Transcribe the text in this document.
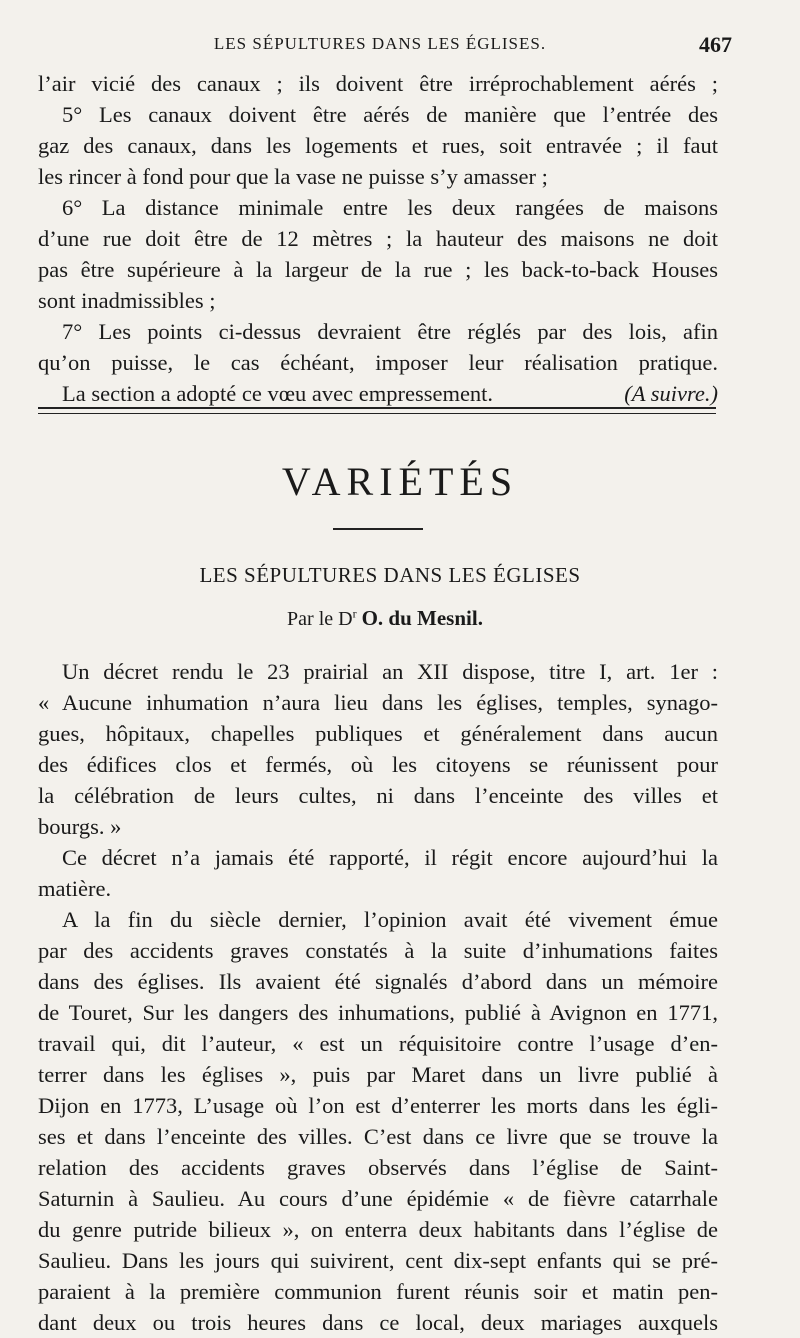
LES SÉPULTURES DANS LES ÉGLISES.	467
l’air vicié des canaux ; ils doivent être irréprochablement aérés ;
5° Les canaux doivent être aérés de manière que l’entrée des
gaz des canaux, dans les logements et rues, soit entravée ; il faut
les rincer à fond pour que la vase ne puisse s’y amasser ;
6° La distance minimale entre les deux rangées de maisons
d’une rue doit être de 12 mètres ; la hauteur des maisons ne doit
pas être supérieure à la largeur de la rue ; les back-to-back Houses
sont inadmissibles ;
7° Les points ci-dessus devraient être réglés par des lois, afin
qu’on puisse, le cas échéant, imposer leur réalisation pratique.
La section a adopté ce vœu avec empressement.	(A suivre.)
VARIÉTÉS
LES SÉPULTURES DANS LES ÉGLISES
Par le $D^r$ O. du Mesnil.
Un décret rendu le 23 prairial an XII dispose, titre I, art. 1er :
« Aucune inhumation n’aura lieu dans les églises, temples, synago-
gues, hôpitaux, chapelles publiques et généralement dans aucun
des édifices clos et fermés, où les citoyens se réunissent pour
la célébration de leurs cultes, ni dans l’enceinte des villes et
bourgs. »
Ce décret n’a jamais été rapporté, il régit encore aujourd’hui la
matière.
A la fin du siècle dernier, l’opinion avait été vivement émue
par des accidents graves constatés à la suite d’inhumations faites
dans des églises. Ils avaient été signalés d’abord dans un mémoire
de Touret, Sur les dangers des inhumations, publié à Avignon en 1771,
travail qui, dit l’auteur, « est un réquisitoire contre l’usage d’en-
terrer dans les églises », puis par Maret dans un livre publié à
Dijon en 1773, L’usage où l’on est d’enterrer les morts dans les égli-
ses et dans l’enceinte des villes. C’est dans ce livre que se trouve la
relation des accidents graves observés dans l’église de Saint-
Saturnin à Saulieu. Au cours d’une épidémie « de fièvre catarrhale
du genre putride bilieux », on enterra deux habitants dans l’église de
Saulieu. Dans les jours qui suivirent, cent dix-sept enfants qui se pré-
paraient à la première communion furent réunis soir et matin pen-
dant deux ou trois heures dans ce local, deux mariages auxquels
